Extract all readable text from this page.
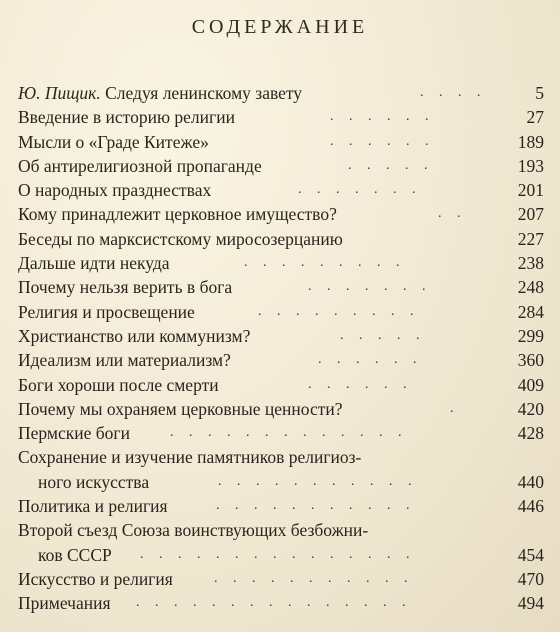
СОДЕРЖАНИЕ
Ю. Пищик. Следуя ленинскому завету	. . . .	5
Введение в историю религии	. . . . . .	27
Мысли о «Граде Китеже»	. . . . . .	189
Об антирелигиозной пропаганде	. . . . .	193
О народных празднествах	. . . . . . .	201
Кому принадлежит церковное имущество?	. .	207
Беседы по марксистскому миросозерцанию	227
Дальше идти некуда	. . . . . . . . .	238
Почему нельзя верить в бога	. . . . . . .	248
Религия и просвещение	. . . . . . . . .	284
Христианство или коммунизм?	. . . . .	299
Идеализм или материализм?	. . . . . .	360
Боги хороши после смерти	. . . . . .	409
Почему мы охраняем церковные ценности?	.	420
Пермские боги	. . . . . . . . . . . . .	428
Сохранение и изучение памятников религиоз-
ного искусства	. . . . . . . . . . .	440
Политика и религия	. . . . . . . . . . .	446
Второй съезд Союза воинствующих безбожни-
ков СССР . . . . . . . . . . . . . . .	454
Искусство и религия	. . . . . . . . . . .	470
Примечания . . . . . . . . . . . . . . .	494
